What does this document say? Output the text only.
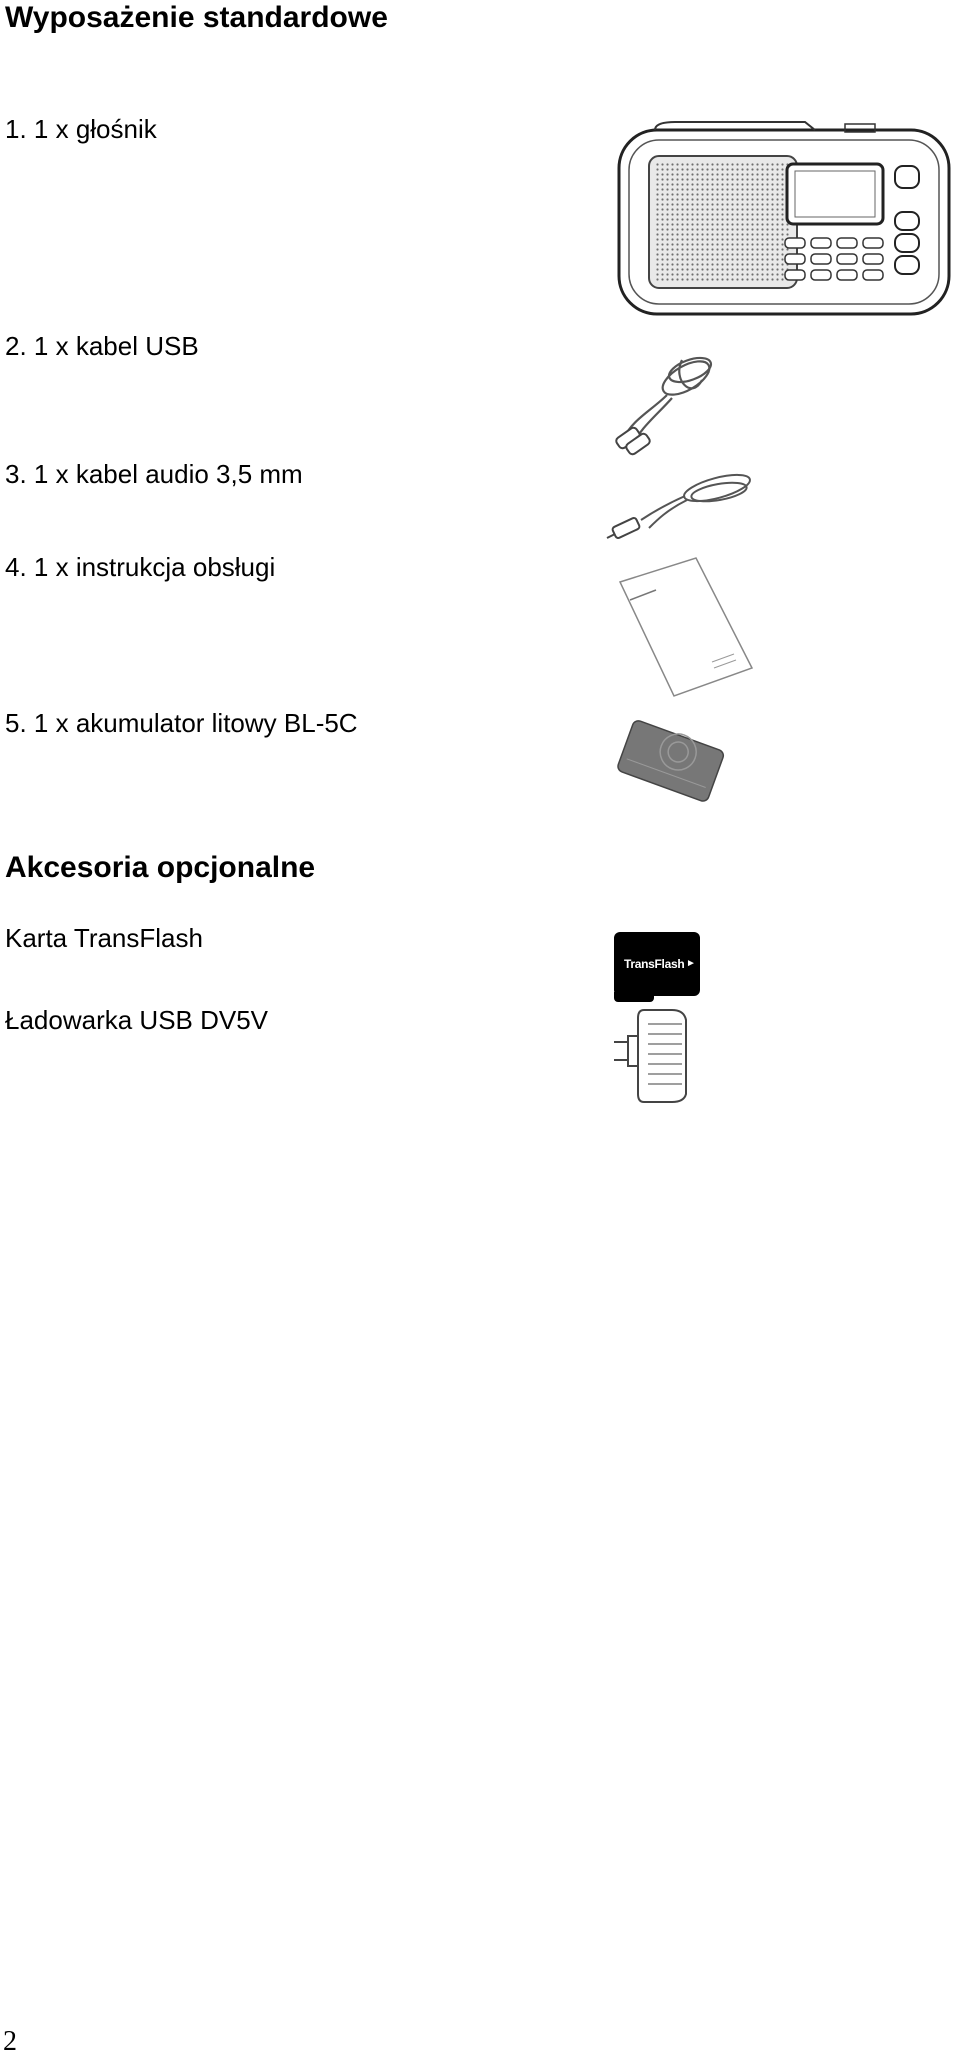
Wyposażenie standardowe
1. 1 x głośnik
2. 1 x kabel USB
3. 1 x kabel audio 3,5 mm
4. 1 x instrukcja obsługi
5. 1 x akumulator litowy BL-5C
Akcesoria opcjonalne
Karta TransFlash
Ładowarka USB DV5V
2
TransFlash ►
